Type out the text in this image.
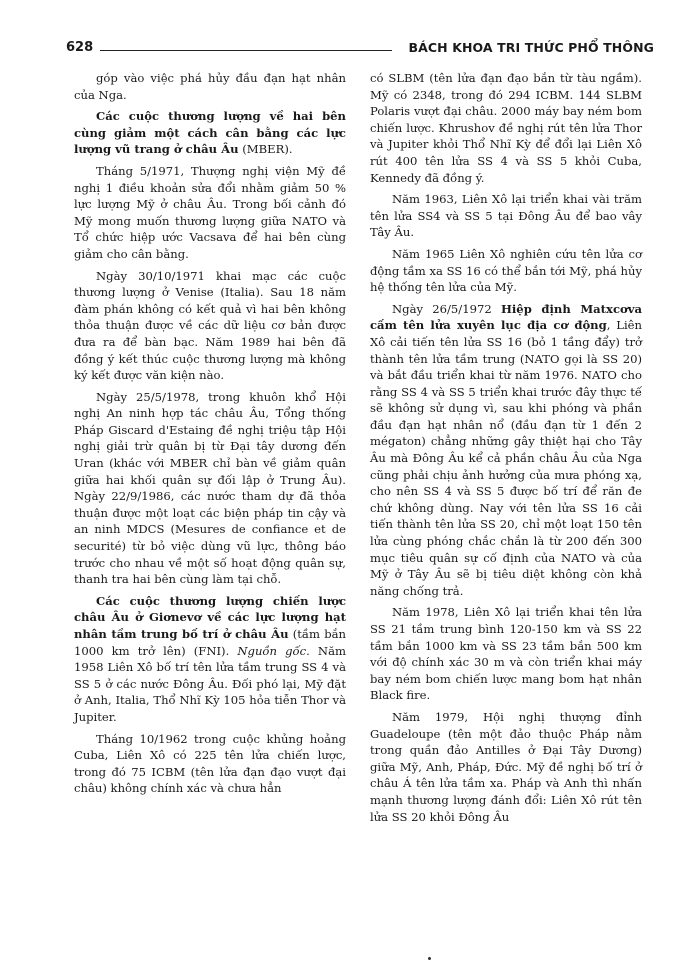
628	BÁCH KHOA TRI THỨC PHỔ THÔNG

góp vào việc phá hủy đầu đạn hạt nhân của Nga.

Các cuộc thương lượng về hai bên cùng giảm một cách cân bằng các lực lượng vũ trang ở châu Âu (MBER).

Tháng 5/1971, Thượng nghị viện Mỹ đề nghị 1 điều khoản sửa đổi nhằm giảm 50 % lực lượng Mỹ ở châu Âu. Trong bối cảnh đó Mỹ mong muốn thương lượng giữa NATO và Tổ chức hiệp ước Vacsava để hai bên cùng giảm cho cân bằng.

Ngày 30/10/1971 khai mạc các cuộc thương lượng ở Venise (Italia). Sau 18 năm đàm phán không có kết quả vì hai bên không thỏa thuận được về các dữ liệu cơ bản được đưa ra để bàn bạc. Năm 1989 hai bên đã đồng ý kết thúc cuộc thương lượng mà không ký kết được văn kiện nào.

Ngày 25/5/1978, trong khuôn khổ Hội nghị An ninh hợp tác châu Âu, Tổng thống Pháp Giscard d'Estaing đề nghị triệu tập Hội nghị giải trừ quân bị từ Đại tây dương đến Uran (khác với MBER chỉ bàn về giảm quân giữa hai khối quân sự đối lập ở Trung Âu). Ngày 22/9/1986, các nước tham dự đã thỏa thuận được một loạt các biện pháp tin cậy và an ninh MDCS (Mesures de confiance et de securité) từ bỏ việc dùng vũ lực, thông báo trước cho nhau về một số hoạt động quân sự, thanh tra hai bên cùng làm tại chỗ.

Các cuộc thương lượng chiến lược châu Âu ở Giơnevơ về các lực lượng hạt nhân tầm trung bố trí ở châu Âu (tầm bắn 1000 km trở lên) (FNI). Nguồn gốc. Năm 1958 Liên Xô bố trí tên lửa tầm trung SS 4 và SS 5 ở các nước Đông Âu. Đối phó lại, Mỹ đặt ở Anh, Italia, Thổ Nhĩ Kỳ 105 hỏa tiễn Thor và Jupiter.

Tháng 10/1962 trong cuộc khủng hoảng Cuba, Liên Xô có 225 tên lửa chiến lược, trong đó 75 ICBM (tên lửa đạn đạo vượt đại châu) không chính xác và chưa hẳn

có SLBM (tên lửa đạn đạo bắn từ tàu ngầm). Mỹ có 2348, trong đó 294 ICBM. 144 SLBM Polaris vượt đại châu. 2000 máy bay ném bom chiến lược. Khrushov đề nghị rút tên lửa Thor và Jupiter khỏi Thổ Nhĩ Kỳ để đổi lại Liên Xô rút 400 tên lửa SS 4 và SS 5 khỏi Cuba, Kennedy đã đồng ý.

Năm 1963, Liên Xô lại triển khai vài trăm tên lửa SS4 và SS 5 tại Đông Âu để bao vây Tây Âu.

Năm 1965 Liên Xô nghiên cứu tên lửa cơ động tầm xa SS 16 có thể bắn tới Mỹ, phá hủy hệ thống tên lửa của Mỹ.

Ngày 26/5/1972 Hiệp định Matxcơva cấm tên lửa xuyên lục địa cơ động, Liên Xô cải tiến tên lửa SS 16 (bỏ 1 tầng đẩy) trở thành tên lửa tầm trung (NATO gọi là SS 20) và bắt đầu triển khai từ năm 1976. NATO cho rằng SS 4 và SS 5 triển khai trước đây thực tế sẽ không sử dụng vì, sau khi phóng và phần đầu đạn hạt nhân nổ (đầu đạn từ 1 đến 2 mégaton) chẳng những gây thiệt hại cho Tây Âu mà Đông Âu kể cả phần châu Âu của Nga cũng phải chịu ảnh hưởng của mưa phóng xạ, cho nên SS 4 và SS 5 được bố trí để răn đe chứ không dùng. Nay với tên lửa SS 16 cải tiến thành tên lửa SS 20, chỉ một loạt 150 tên lửa cùng phóng chắc chắn là từ 200 đến 300 mục tiêu quân sự cố định của NATO và của Mỹ ở Tây Âu sẽ bị tiêu diệt không còn khả năng chống trả.

Năm 1978, Liên Xô lại triển khai tên lửa SS 21 tầm trung bình 120-150 km và SS 22 tầm bắn 1000 km và SS 23 tầm bắn 500 km với độ chính xác 30 m và còn triển khai máy bay ném bom chiến lược mang bom hạt nhân Black fire.

Năm 1979, Hội nghị thượng đỉnh Guadeloupe (tên một đảo thuộc Pháp nằm trong quần đảo Antilles ở Đại Tây Dương) giữa Mỹ, Anh, Pháp, Đức. Mỹ đề nghị bố trí ở châu Á tên lửa tầm xa. Pháp và Anh thì nhấn mạnh thương lượng đánh đổi: Liên Xô rút tên lửa SS 20 khỏi Đông Âu
